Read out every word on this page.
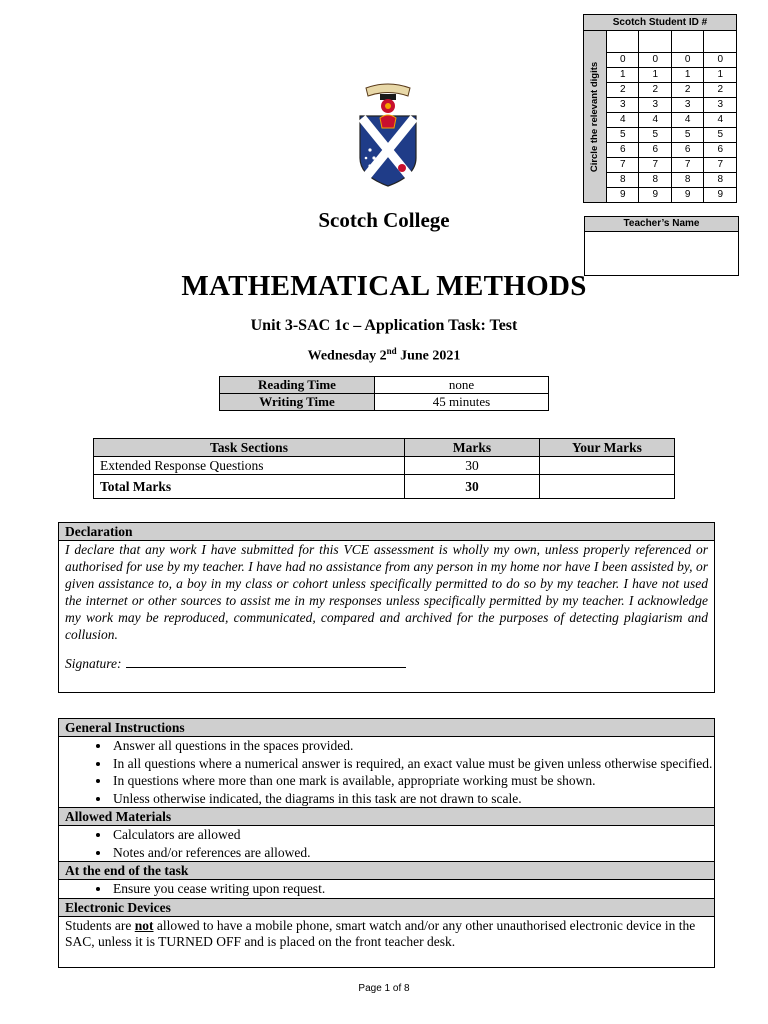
Scotch Student ID #				

Circle the relevant digits				

	0	0	0	0
	1	1	1	1
	2	2	2	2
	3	3	3	3
	4	4	4	4
	5	5	5	5
	6	6	6	6
	7	7	7	7
	8	8	8	8
	9	9	9	9
Teacher’s Name
Scotch College
MATHEMATICAL METHODS
Unit 3-SAC 1c – Application Task: Test
Wednesday 2nd June 2021
Reading Time	none
Writing Time	45 minutes
Task Sections	Marks	Your Marks
Extended Response Questions	30	
Total Marks	30	
Declaration
I declare that any work I have submitted for this VCE assessment is wholly my own, unless properly referenced or authorised for use by my teacher. I have had no assistance from any person in my home nor have I been assisted by, or given assistance to, a boy in my class or cohort unless specifically permitted to do so by my teacher. I have not used the internet or other sources to assist me in my responses unless specifically permitted by my teacher. I acknowledge my work may be reproduced, communicated, compared and archived for the purposes of detecting plagiarism and collusion.
Signature:
General Instructions
• Answer all questions in the spaces provided.
• In all questions where a numerical answer is required, an exact value must be given unless otherwise specified.
• In questions where more than one mark is available, appropriate working must be shown.
• Unless otherwise indicated, the diagrams in this task are not drawn to scale.
Allowed Materials
• Calculators are allowed
• Notes and/or references are allowed.
At the end of the task
• Ensure you cease writing upon request.
Electronic Devices
Students are not allowed to have a mobile phone, smart watch and/or any other unauthorised electronic device in the SAC, unless it is TURNED OFF and is placed on the front teacher desk.
Page 1 of 8
